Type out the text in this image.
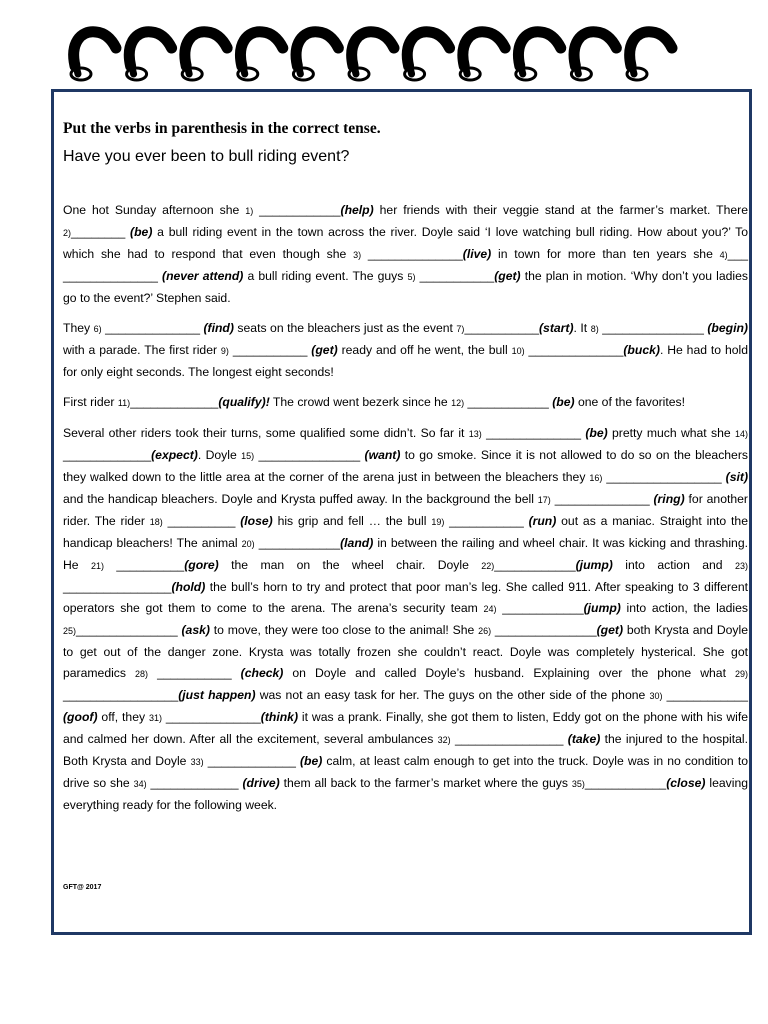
Put the verbs in parenthesis in the correct tense.
Have you ever been to bull riding event?
One hot Sunday afternoon she 1) ____________(help) her friends with their veggie stand at the farmer’s market. There 2)________ (be) a bull riding event in the town across the river. Doyle said ‘I love watching bull riding. How about you?’ To which she had to respond that even though she 3) ______________(live) in town for more than ten years she 4)___ ______________ (never attend) a bull riding event. The guys 5) ___________(get) the plan in motion. ‘Why don’t you ladies go to the event?’ Stephen said.
They 6) ______________ (find) seats on the bleachers just as the event 7)___________(start). It 8) _______________ (begin) with a parade. The first rider 9) ___________ (get) ready and off he went, the bull 10) ______________(buck). He had to hold for only eight seconds. The longest eight seconds!
First rider 11)_____________(qualify)! The crowd went bezerk since he 12) ____________ (be) one of the favorites!
Several other riders took their turns, some qualified some didn’t. So far it 13) ______________ (be) pretty much what she 14) _____________(expect). Doyle 15) _______________ (want) to go smoke. Since it is not allowed to do so on the bleachers they walked down to the little area at the corner of the arena just in between the bleachers they 16) _________________ (sit) and the handicap bleachers. Doyle and Krysta puffed away. In the background the bell 17) ______________ (ring) for another rider. The rider 18) __________ (lose) his grip and fell … the bull 19) ___________ (run) out as a maniac. Straight into the handicap bleachers! The animal 20) ____________(land) in between the railing and wheel chair. It was kicking and thrashing. He 21) __________(gore) the man on the wheel chair. Doyle 22)____________(jump) into action and 23) ________________(hold) the bull’s horn to try and protect that poor man’s leg. She called 911. After speaking to 3 different operators she got them to come to the arena. The arena’s security team 24) ____________(jump) into action, the ladies 25)_______________ (ask) to move, they were too close to the animal! She 26) _______________(get) both Krysta and Doyle to get out of the danger zone. Krysta was totally frozen she couldn’t react. Doyle was completely hysterical. She got paramedics 28) ___________ (check) on Doyle and called Doyle’s husband. Explaining over the phone what 29) _________________(just happen) was not an easy task for her. The guys on the other side of the phone 30) ____________ (goof) off, they 31) ______________(think) it was a prank. Finally, she got them to listen, Eddy got on the phone with his wife and calmed her down. After all the excitement, several ambulances 32) ________________ (take) the injured to the hospital. Both Krysta and Doyle 33) _____________ (be) calm, at least calm enough to get into the truck. Doyle was in no condition to drive so she 34) _____________ (drive) them all back to the farmer’s market where the guys 35)____________(close) leaving everything ready for the following week.
GFT@ 2017
